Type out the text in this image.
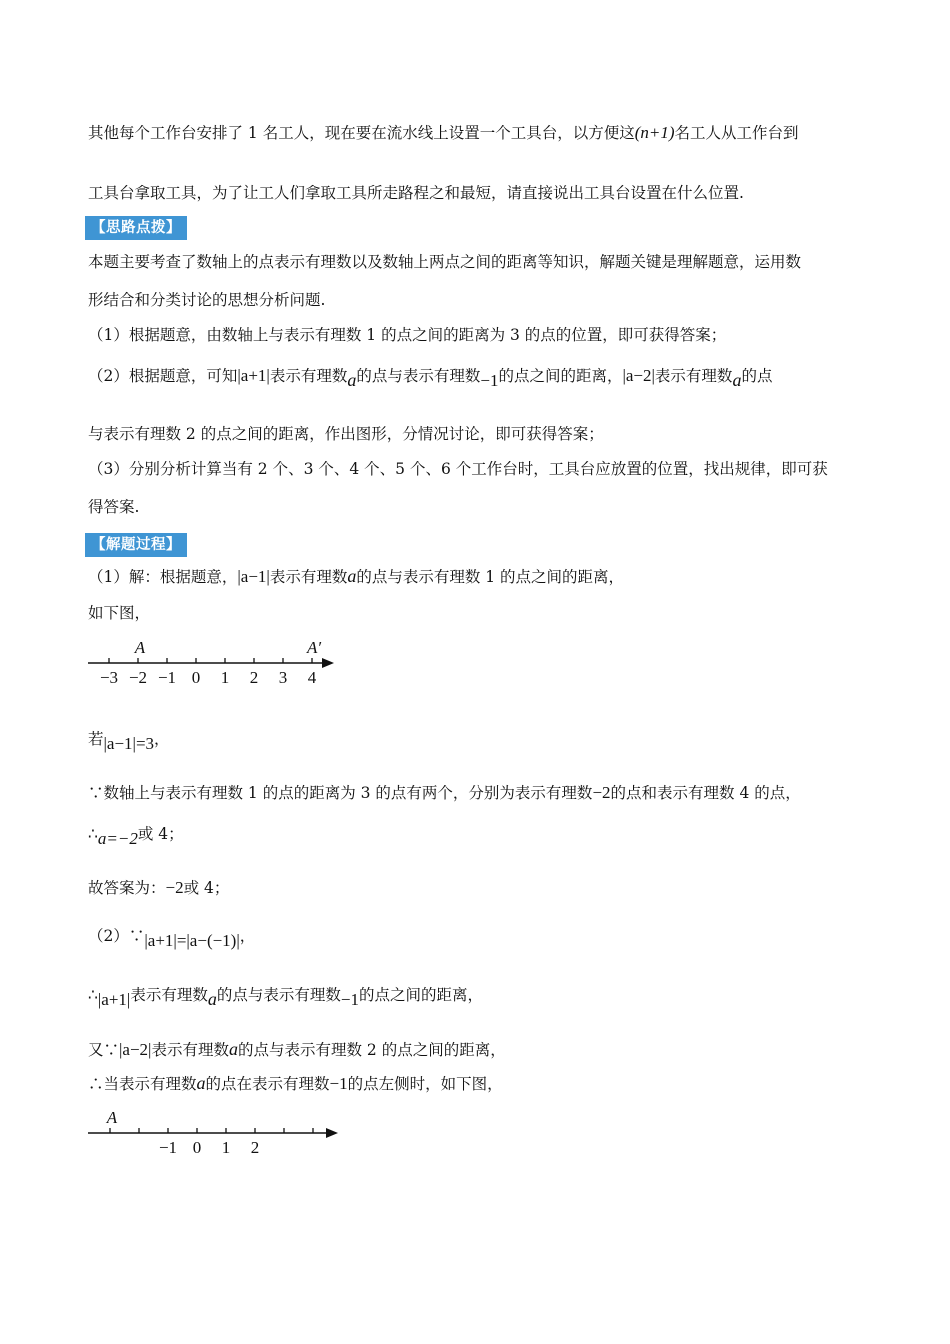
其他每个工作台安排了 1 名工人，现在要在流水线上设置一个工具台，以方便这(n+1)名工人从工作台到
工具台拿取工具，为了让工人们拿取工具所走路程之和最短，请直接说出工具台设置在什么位置.
【思路点拨】
本题主要考查了数轴上的点表示有理数以及数轴上两点之间的距离等知识，解题关键是理解题意，运用数
形结合和分类讨论的思想分析问题.
（1）根据题意，由数轴上与表示有理数 1 的点之间的距离为 3 的点的位置，即可获得答案；
（2）根据题意，可知|a+1|表示有理数a的点与表示有理数−1的点之间的距离，|a−2|表示有理数a的点
与表示有理数 2 的点之间的距离，作出图形，分情况讨论，即可获得答案；
（3）分别分析计算当有 2 个、3 个、4 个、5 个、6 个工作台时，工具台应放置的位置，找出规律，即可获
得答案.
【解题过程】
（1）解：根据题意，|a−1|表示有理数a的点与表示有理数 1 的点之间的距离，
如下图，
−3 −2 −1 0 1 2 3 4
A	A′
若|a−1|=3，
∵数轴上与表示有理数 1 的点的距离为 3 的点有两个，分别为表示有理数−2的点和表示有理数 4 的点，
∴a=−2或 4；
故答案为：−2或 4；
（2）∵|a+1|=|a−(−1)|，
∴|a+1|表示有理数a的点与表示有理数−1的点之间的距离，
又∵|a−2|表示有理数a的点与表示有理数 2 的点之间的距离，
∴当表示有理数a的点在表示有理数−1的点左侧时，如下图，
−1 0 1 2
A
